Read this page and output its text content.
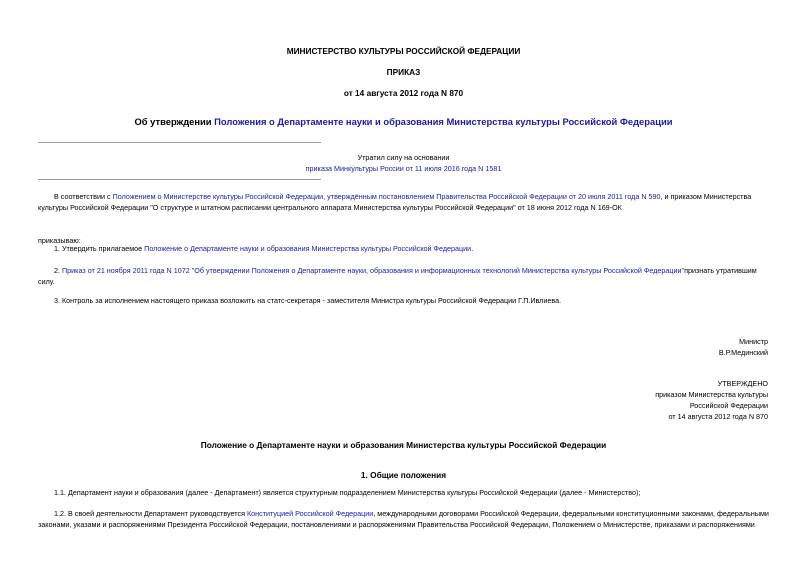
МИНИСТЕРСТВО КУЛЬТУРЫ РОССИЙСКОЙ ФЕДЕРАЦИИ
ПРИКАЗ
от 14 августа 2012 года N 870
Об утверждении Положения о Департаменте науки и образования Министерства культуры Российской Федерации
Утратил силу на основании
приказа Минкультуры России от 11 июля 2016 года N 1581
В соответствии с Положением о Министерстве культуры Российской Федерации, утверждённым постановлением Правительства Российской Федерации от 20 июля 2011 года N 590, и приказом Министерства
культуры Российской Федерации "О структуре и штатном расписании центрального аппарата Министерства культуры Российской Федерации" от 18 июня 2012 года N 169-ОК
приказываю:
1. Утвердить прилагаемое Положение о Департаменте науки и образования Министерства культуры Российской Федерации.
2. Приказ от 21 ноября 2011 года N 1072 "Об утверждении Положения о Департаменте науки, образования и информационных технологий Министерства культуры Российской Федерации"признать утратившим
силу.
3. Контроль за исполнением настоящего приказа возложить на статс-секретаря - заместителя Министра культуры Российской Федерации Г.П.Ивлиева.
Министр
В.Р.Мединский
УТВЕРЖДЕНО
приказом Министерства культуры
Российской Федерации
от 14 августа 2012 года N 870
Положение о Департаменте науки и образования Министерства культуры Российской Федерации
1. Общие положения
1.1. Департамент науки и образования (далее - Департамент) является структурным подразделением Министерства культуры Российской Федерации (далее - Министерство);
1.2. В своей деятельности Департамент руководствуется Конституцией Российской Федерации, международными договорами Российской Федерации, федеральными конституционными законами, федеральными
законами, указами и распоряжениями Президента Российской Федерации, постановлениями и распоряжениями Правительства Российской Федерации, Положением о Министерстве, приказами и распоряжениями
